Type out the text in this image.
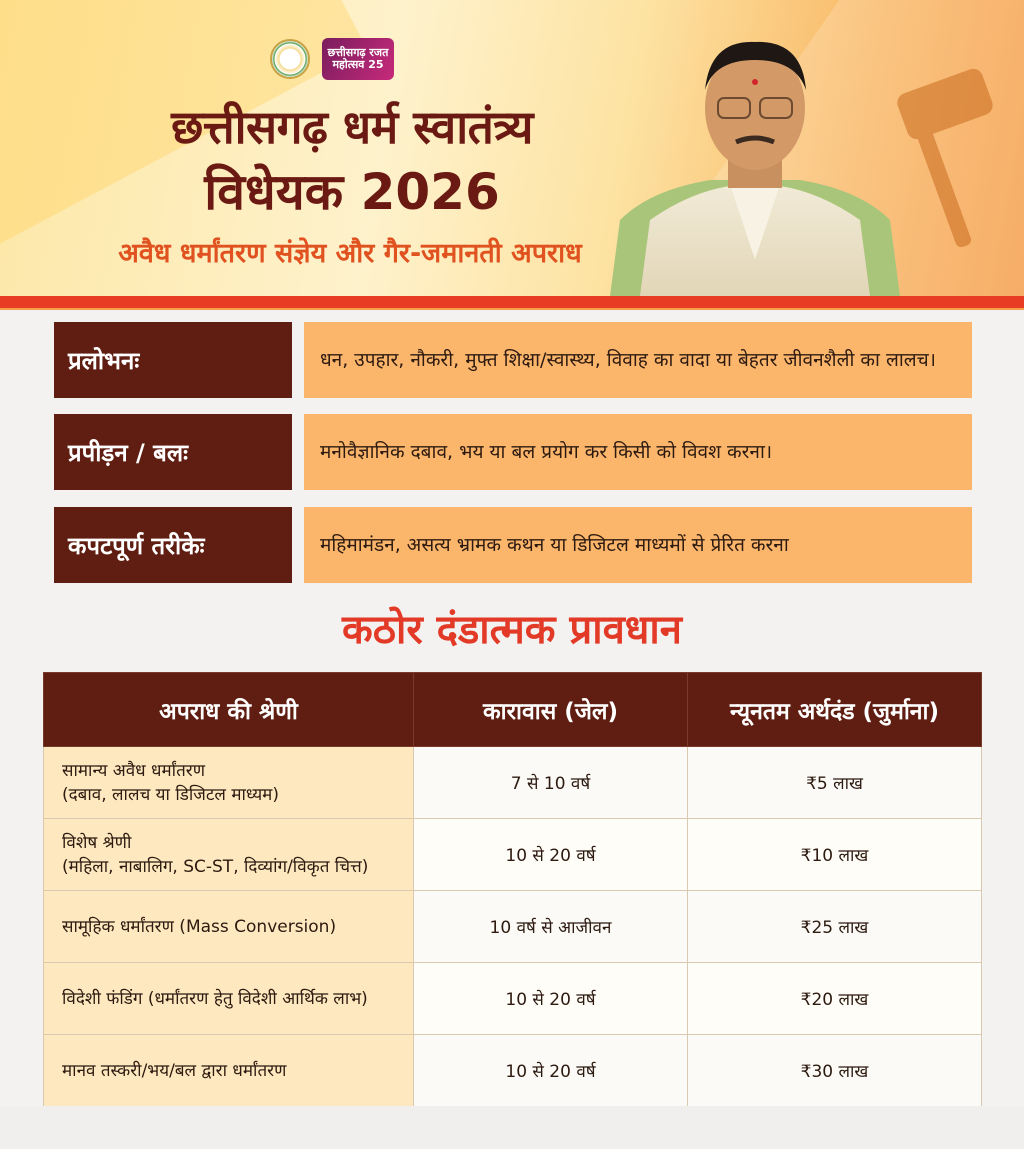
छत्तीसगढ़ रजत महोत्सव 25
छत्तीसगढ़ धर्म स्वातंत्र्य
विधेयक 2026
अवैध धर्मांतरण संज्ञेय और गैर-जमानती अपराध
प्रलोभनः	धन, उपहार, नौकरी, मुफ्त शिक्षा/स्वास्थ्य, विवाह का वादा या बेहतर जीवनशैली का लालच।
प्रपीड़न / बलः	मनोवैज्ञानिक दबाव, भय या बल प्रयोग कर किसी को विवश करना।
कपटपूर्ण तरीकेः	महिमामंडन, असत्य भ्रामक कथन या डिजिटल माध्यमों से प्रेरित करना
कठोर दंडात्मक प्रावधान
अपराध की श्रेणी	कारावास (जेल)	न्यूनतम अर्थदंड (जुर्माना)

सामान्य अवैध धर्मांतरण
(दबाव, लालच या डिजिटल माध्यम)	7 से 10 वर्ष	₹5 लाख

विशेष श्रेणी
(महिला, नाबालिग, SC-ST, दिव्यांग/विकृत चित्त)	10 से 20 वर्ष	₹10 लाख

सामूहिक धर्मांतरण (Mass Conversion)	10 वर्ष से आजीवन	₹25 लाख

विदेशी फंडिंग (धर्मांतरण हेतु विदेशी आर्थिक लाभ)	10 से 20 वर्ष	₹20 लाख

मानव तस्करी/भय/बल द्वारा धर्मांतरण	10 से 20 वर्ष	₹30 लाख
